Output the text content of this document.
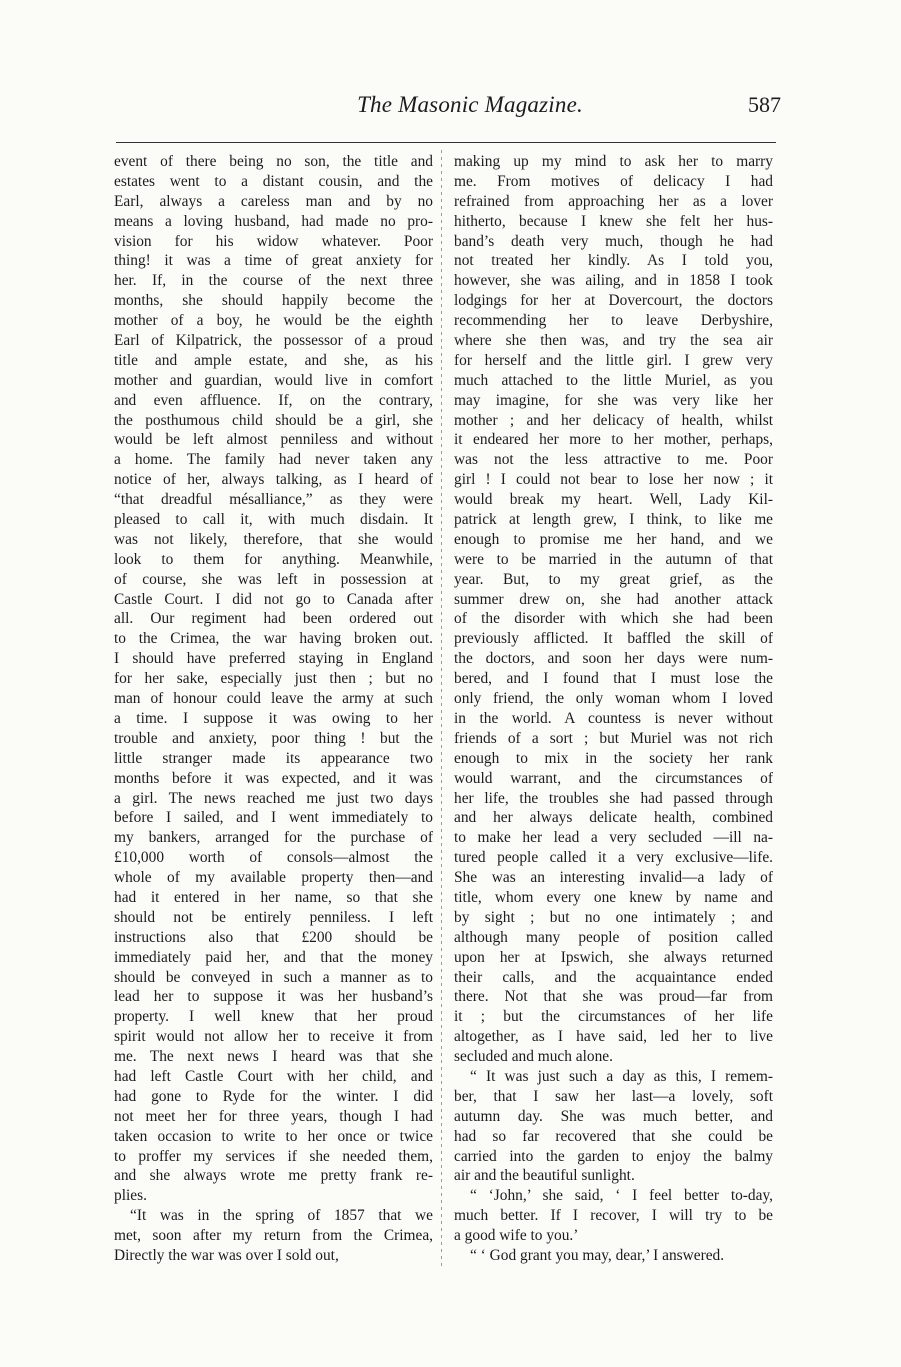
The Masonic Magazine.	587
event of there being no son, the title and
estates went to a distant cousin, and the
Earl, always a careless man and by no
means a loving husband, had made no pro-
vision for his widow whatever. Poor
thing! it was a time of great anxiety for
her. If, in the course of the next three
months, she should happily become the
mother of a boy, he would be the eighth
Earl of Kilpatrick, the possessor of a proud
title and ample estate, and she, as his
mother and guardian, would live in comfort
and even affluence. If, on the contrary,
the posthumous child should be a girl, she
would be left almost penniless and without
a home. The family had never taken any
notice of her, always talking, as I heard of
“that dreadful mésalliance,” as they were
pleased to call it, with much disdain. It
was not likely, therefore, that she would
look to them for anything. Meanwhile,
of course, she was left in possession at
Castle Court. I did not go to Canada after
all. Our regiment had been ordered out
to the Crimea, the war having broken out.
I should have preferred staying in England
for her sake, especially just then ; but no
man of honour could leave the army at such
a time. I suppose it was owing to her
trouble and anxiety, poor thing ! but the
little stranger made its appearance two
months before it was expected, and it was
a girl. The news reached me just two days
before I sailed, and I went immediately to
my bankers, arranged for the purchase of
£10,000 worth of consols—almost the
whole of my available property then—and
had it entered in her name, so that she
should not be entirely penniless. I left
instructions also that £200 should be
immediately paid her, and that the money
should be conveyed in such a manner as to
lead her to suppose it was her husband’s
property. I well knew that her proud
spirit would not allow her to receive it from
me. The next news I heard was that she
had left Castle Court with her child, and
had gone to Ryde for the winter. I did
not meet her for three years, though I had
taken occasion to write to her once or twice
to proffer my services if she needed them,
and she always wrote me pretty frank re-
plies.
“It was in the spring of 1857 that we
met, soon after my return from the Crimea,
Directly the war was over I sold out,
making up my mind to ask her to marry
me. From motives of delicacy I had
refrained from approaching her as a lover
hitherto, because I knew she felt her hus-
band’s death very much, though he had
not treated her kindly. As I told you,
however, she was ailing, and in 1858 I took
lodgings for her at Dovercourt, the doctors
recommending her to leave Derbyshire,
where she then was, and try the sea air
for herself and the little girl. I grew very
much attached to the little Muriel, as you
may imagine, for she was very like her
mother ; and her delicacy of health, whilst
it endeared her more to her mother, perhaps,
was not the less attractive to me. Poor
girl ! I could not bear to lose her now ; it
would break my heart. Well, Lady Kil-
patrick at length grew, I think, to like me
enough to promise me her hand, and we
were to be married in the autumn of that
year. But, to my great grief, as the
summer drew on, she had another attack
of the disorder with which she had been
previously afflicted. It baffled the skill of
the doctors, and soon her days were num-
bered, and I found that I must lose the
only friend, the only woman whom I loved
in the world. A countess is never without
friends of a sort ; but Muriel was not rich
enough to mix in the society her rank
would warrant, and the circumstances of
her life, the troubles she had passed through
and her always delicate health, combined
to make her lead a very secluded —ill na-
tured people called it a very exclusive—life.
She was an interesting invalid—a lady of
title, whom every one knew by name and
by sight ; but no one intimately ; and
although many people of position called
upon her at Ipswich, she always returned
their calls, and the acquaintance ended
there. Not that she was proud—far from
it ; but the circumstances of her life
altogether, as I have said, led her to live
secluded and much alone.
“ It was just such a day as this, I remem-
ber, that I saw her last—a lovely, soft
autumn day. She was much better, and
had so far recovered that she could be
carried into the garden to enjoy the balmy
air and the beautiful sunlight.
“ ‘John,’ she said, ‘ I feel better to-day,
much better. If I recover, I will try to be
a good wife to you.’
“ ‘ God grant you may, dear,’ I answered.
